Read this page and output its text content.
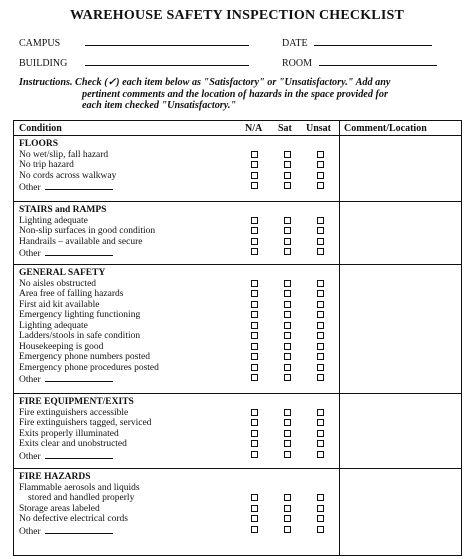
WAREHOUSE SAFETY INSPECTION CHECKLIST
CAMPUS	DATE
BUILDING	ROOM
Instructions. Check (✓) each item below as "Satisfactory" or "Unsatisfactory." Add any
pertinent comments and the location of hazards in the space provided for
each item checked "Unsatisfactory."
Condition	N/A Sat Unsat Comment/Location
FLOORS
No wet/slip, fall hazard
No trip hazard
No cords across walkway
Other
STAIRS and RAMPS
Lighting adequate
Non-slip surfaces in good condition
Handrails – available and secure
Other
GENERAL SAFETY
No aisles obstructed
Area free of falling hazards
First aid kit available
Emergency lighting functioning
Lighting adequate
Ladders/stools in safe condition
Housekeeping is good
Emergency phone numbers posted
Emergency phone procedures posted
Other
FIRE EQUIPMENT/EXITS
Fire extinguishers accessible
Fire extinguishers tagged, serviced
Exits properly illuminated
Exits clear and unobstructed
Other
FIRE HAZARDS
Flammable aerosols and liquids
stored and handled properly
Storage areas labeled
No defective electrical cords
Other
